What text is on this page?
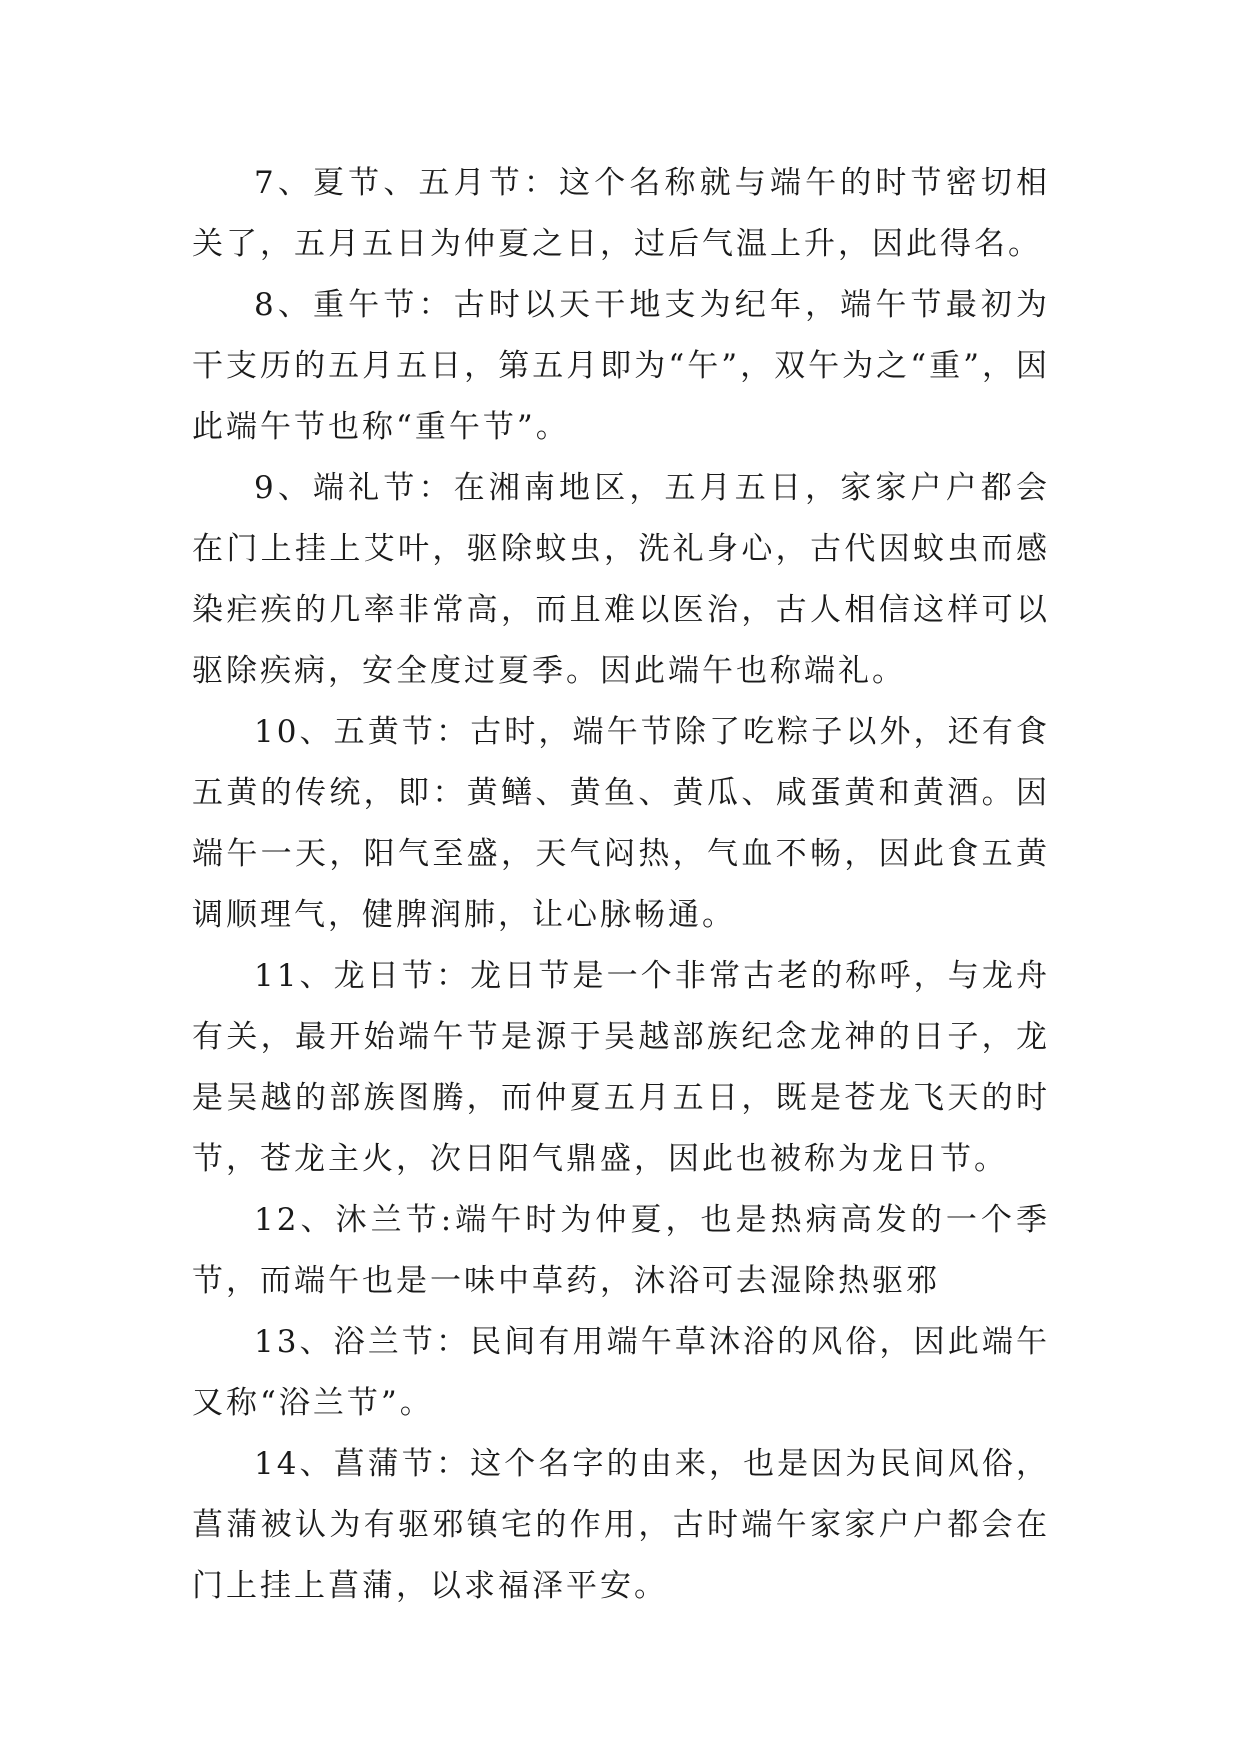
7、夏节、五月节：这个名称就与端午的时节密切相关了，五月五日为仲夏之日，过后气温上升，因此得名。

8、重午节：古时以天干地支为纪年，端午节最初为干支历的五月五日，第五月即为“午”，双午为之“重”，因此端午节也称“重午节”。

9、端礼节：在湘南地区，五月五日，家家户户都会在门上挂上艾叶，驱除蚊虫，洗礼身心，古代因蚊虫而感染疟疾的几率非常高，而且难以医治，古人相信这样可以驱除疾病，安全度过夏季。因此端午也称端礼。

10、五黄节：古时，端午节除了吃粽子以外，还有食五黄的传统，即：黄鳝、黄鱼、黄瓜、咸蛋黄和黄酒。因端午一天，阳气至盛，天气闷热，气血不畅，因此食五黄调顺理气，健脾润肺，让心脉畅通。

11、龙日节：龙日节是一个非常古老的称呼，与龙舟有关，最开始端午节是源于吴越部族纪念龙神的日子，龙是吴越的部族图腾，而仲夏五月五日，既是苍龙飞天的时节，苍龙主火，次日阳气鼎盛，因此也被称为龙日节。

12、沐兰节:端午时为仲夏，也是热病高发的一个季节，而端午也是一味中草药，沐浴可去湿除热驱邪

13、浴兰节：民间有用端午草沐浴的风俗，因此端午又称“浴兰节”。

14、菖蒲节：这个名字的由来，也是因为民间风俗，菖蒲被认为有驱邪镇宅的作用，古时端午家家户户都会在门上挂上菖蒲，以求福泽平安。
